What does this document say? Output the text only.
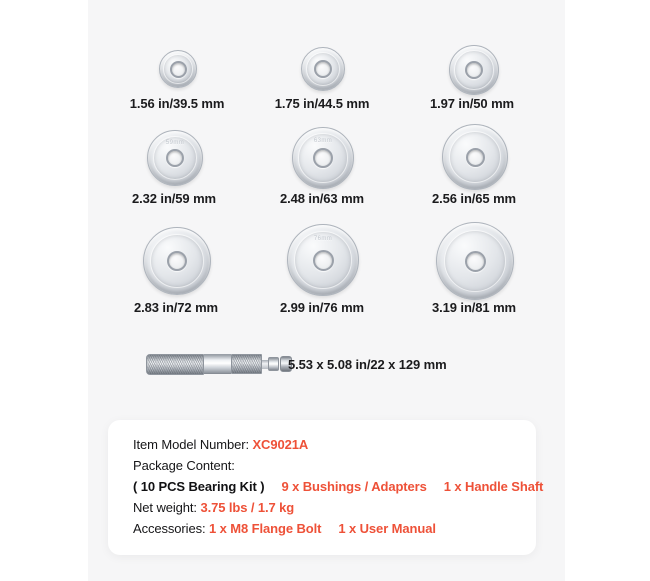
59mm	63mm
76mm
1.56 in/39.5 mm	1.75 in/44.5 mm	1.97 in/50 mm
2.32 in/59 mm	2.48 in/63 mm	2.56 in/65 mm
2.83 in/72 mm	2.99 in/76 mm	3.19 in/81 mm
5.53 x 5.08 in/22 x 129 mm
Item Model Number: XC9021A
Package Content:
( 10 PCS Bearing Kit ) 9 x Bushings / Adapters 1 x Handle Shaft
Net weight: 3.75 lbs / 1.7 kg
Accessories: 1 x M8 Flange Bolt 1 x User Manual
